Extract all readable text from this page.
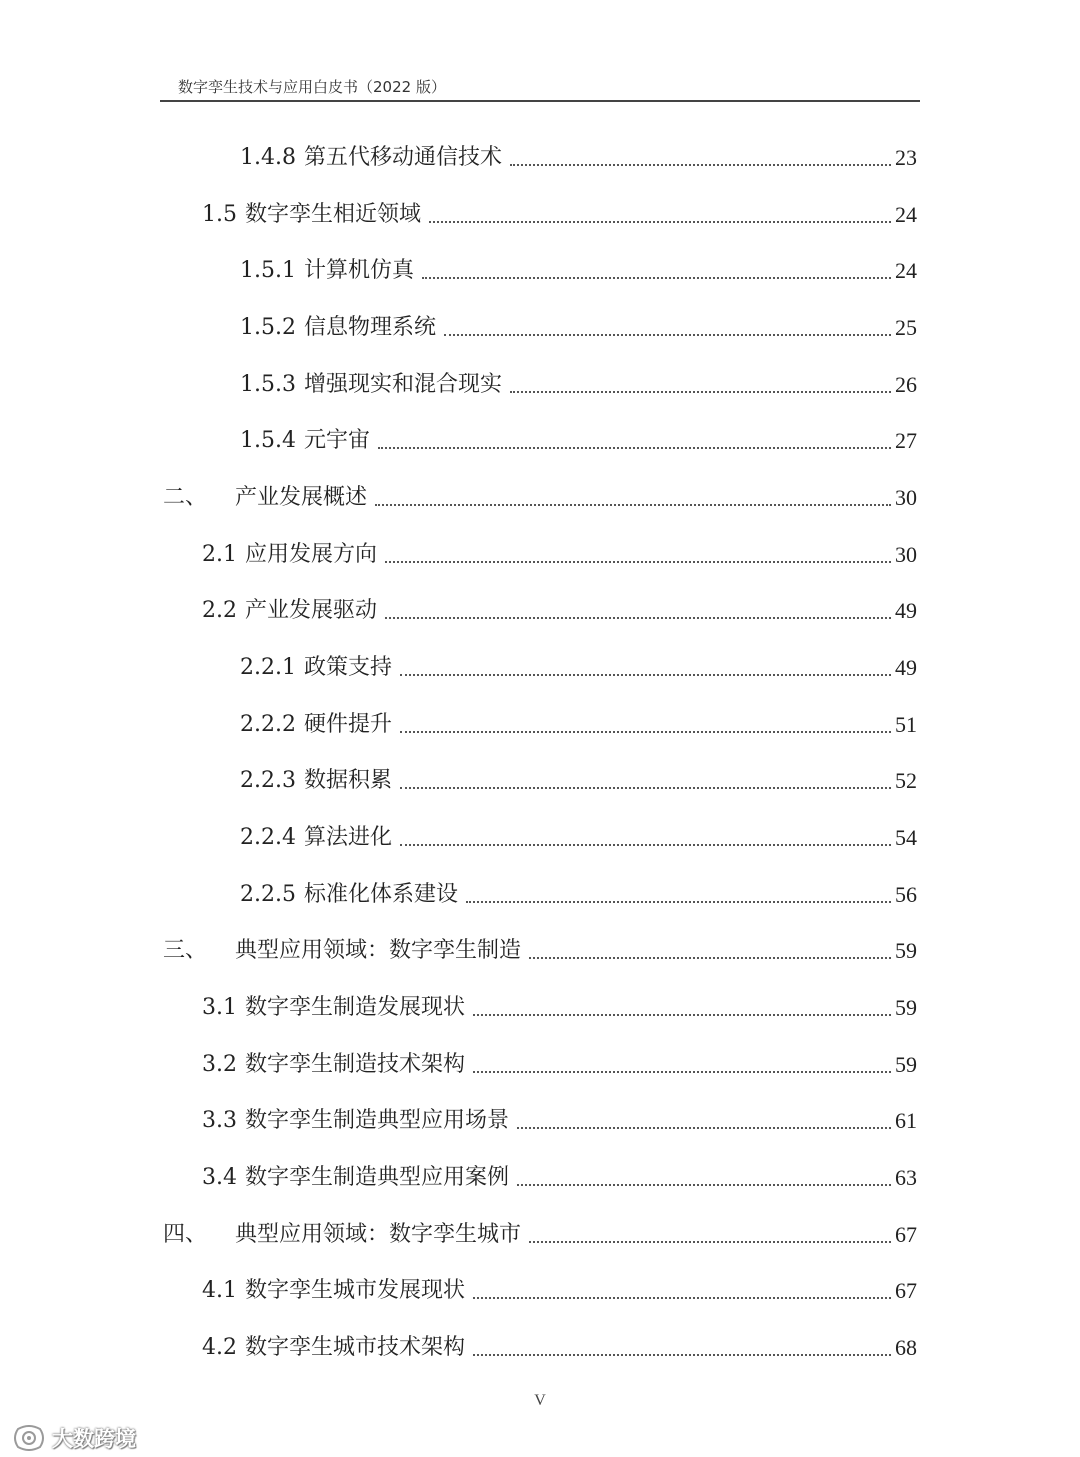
数字孪生技术与应用白皮书（2022 版）
1.4.8 第五代移动通信技术	23
1.5 数字孪生相近领域	24
1.5.1 计算机仿真	24
1.5.2 信息物理系统	25
1.5.3 增强现实和混合现实	26
1.5.4 元宇宙	27
二、	产业发展概述	30
2.1 应用发展方向	30
2.2 产业发展驱动	49
2.2.1 政策支持	49
2.2.2 硬件提升	51
2.2.3 数据积累	52
2.2.4 算法进化	54
2.2.5 标准化体系建设	56
三、	典型应用领域：数字孪生制造	59
3.1 数字孪生制造发展现状	59
3.2 数字孪生制造技术架构	59
3.3 数字孪生制造典型应用场景	61
3.4 数字孪生制造典型应用案例	63
四、	典型应用领域：数字孪生城市	67
4.1 数字孪生城市发展现状	67
4.2 数字孪生城市技术架构	68
V
大数跨境
